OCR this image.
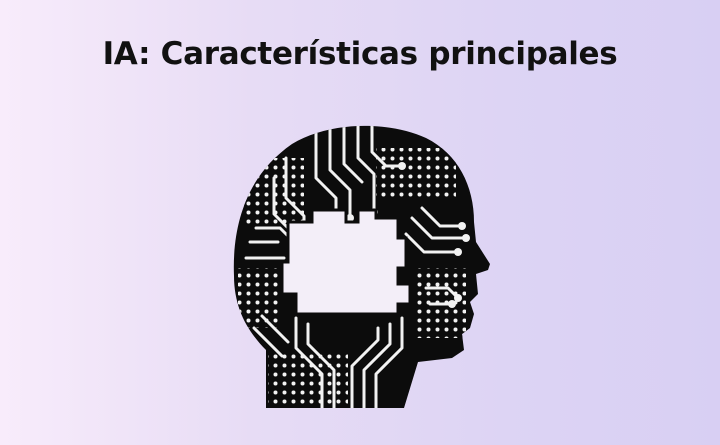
IA: Características principales
